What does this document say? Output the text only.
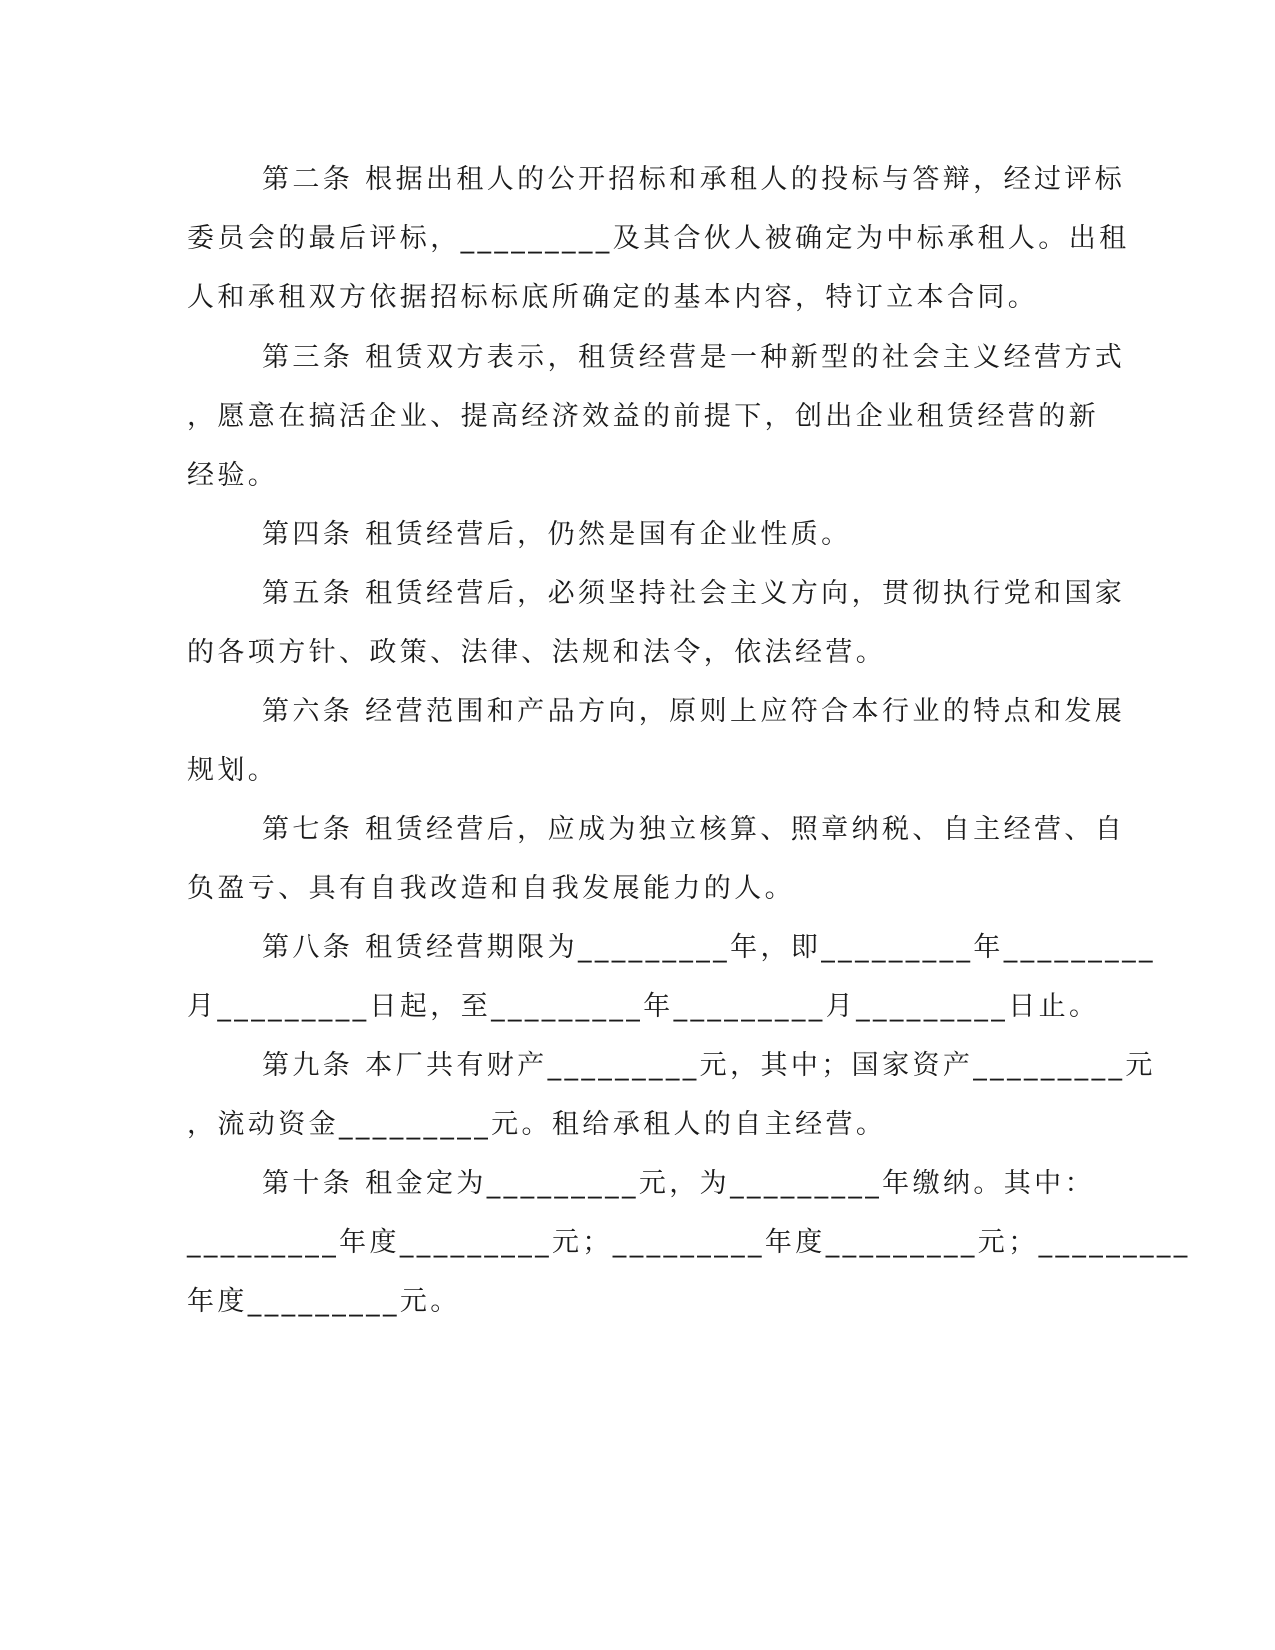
第二条 根据出租人的公开招标和承租人的投标与答辩，经过评标
委员会的最后评标，_________及其合伙人被确定为中标承租人。出租
人和承租双方依据招标标底所确定的基本内容，特订立本合同。
第三条 租赁双方表示，租赁经营是一种新型的社会主义经营方式
，愿意在搞活企业、提高经济效益的前提下，创出企业租赁经营的新
经验。
第四条 租赁经营后，仍然是国有企业性质。
第五条 租赁经营后，必须坚持社会主义方向，贯彻执行党和国家
的各项方针、政策、法律、法规和法令，依法经营。
第六条 经营范围和产品方向，原则上应符合本行业的特点和发展
规划。
第七条 租赁经营后，应成为独立核算、照章纳税、自主经营、自
负盈亏、具有自我改造和自我发展能力的人。
第八条 租赁经营期限为_________年，即_________年_________
月_________日起，至_________年_________月_________日止。
第九条 本厂共有财产_________元，其中；国家资产_________元
，流动资金_________元。租给承租人的自主经营。
第十条 租金定为_________元，为_________年缴纳。其中：
_________年度_________元；_________年度_________元；_________
年度_________元。
